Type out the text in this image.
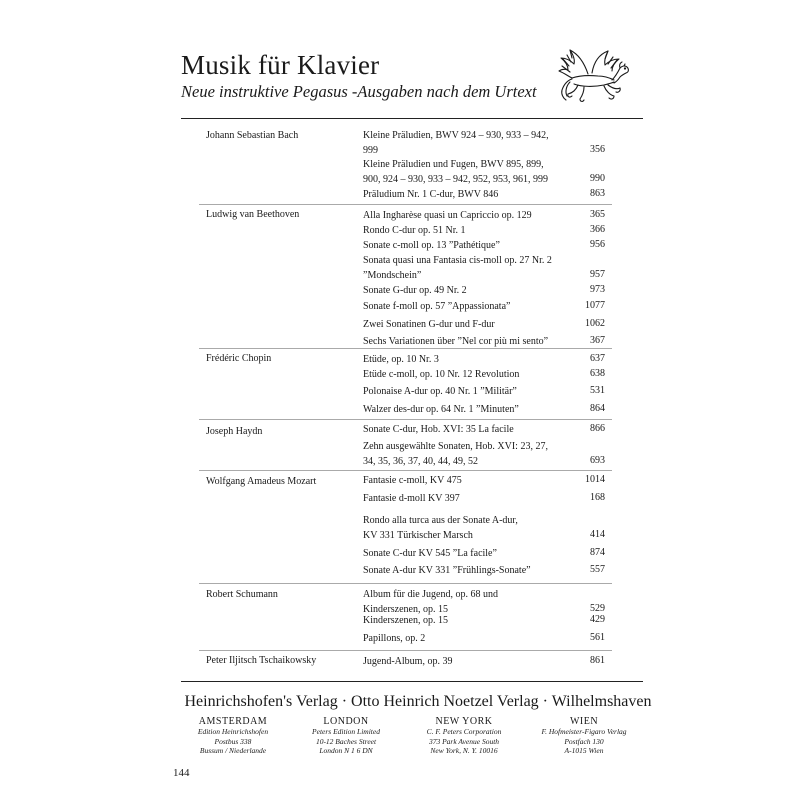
Musik für Klavier
Neue instruktive Pegasus -Ausgaben nach dem Urtext
Johann Sebastian Bach	Kleine Präludien, BWV 924 – 930, 933 – 942,
999	356
Kleine Präludien und Fugen, BWV 895, 899,
900, 924 – 930, 933 – 942, 952, 953, 961, 999	990
Präludium Nr. 1 C-dur, BWV 846	863
Ludwig van Beethoven	Alla Ingharèse quasi un Capriccio op. 129	365
Rondo C-dur op. 51 Nr. 1	366
Sonate c-moll op. 13 ”Pathétique”	956
Sonata quasi una Fantasia cis-moll op. 27 Nr. 2
”Mondschein”	957
Sonate G-dur op. 49 Nr. 2	973
Sonate f-moll op. 57 ”Appassionata”	1077
Zwei Sonatinen G-dur und F-dur	1062
Sechs Variationen über ”Nel cor più mi sento”	367
Frédéric Chopin	Etüde, op. 10 Nr. 3	637
Etüde c-moll, op. 10 Nr. 12 Revolution	638
Polonaise A-dur op. 40 Nr. 1 ”Militär”	531
Walzer des-dur op. 64 Nr. 1 ”Minuten”	864
Joseph Haydn	Sonate C-dur, Hob. XVI: 35 La facile	866
Zehn ausgewählte Sonaten, Hob. XVI: 23, 27,
34, 35, 36, 37, 40, 44, 49, 52	693
Wolfgang Amadeus Mozart	Fantasie c-moll, KV 475	1014
Fantasie d-moll KV 397	168
Rondo alla turca aus der Sonate A-dur,
KV 331 Türkischer Marsch	414
Sonate C-dur KV 545 ”La facile”	874
Sonate A-dur KV 331 ”Frühlings-Sonate”	557
Robert Schumann	Album für die Jugend, op. 68 und
Kinderszenen, op. 15	529
Kinderszenen, op. 15	429
Papillons, op. 2	561
Peter Iljitsch Tschaikowsky	Jugend-Album, op. 39	861
Heinrichshofen's Verlag · Otto Heinrich Noetzel Verlag · Wilhelmshaven
AMSTERDAM
Edition Heinrichshofen
Postbus 338
Bussum / Niederlande
LONDON
Peters Edition Limited
10-12 Baches Street
London N 1 6 DN
NEW YORK
C. F. Peters Corporation
373 Park Avenue South
New York, N. Y. 10016
WIEN
F. Hofmeister-Figaro Verlag
Postfach 130
A-1015 Wien
144
